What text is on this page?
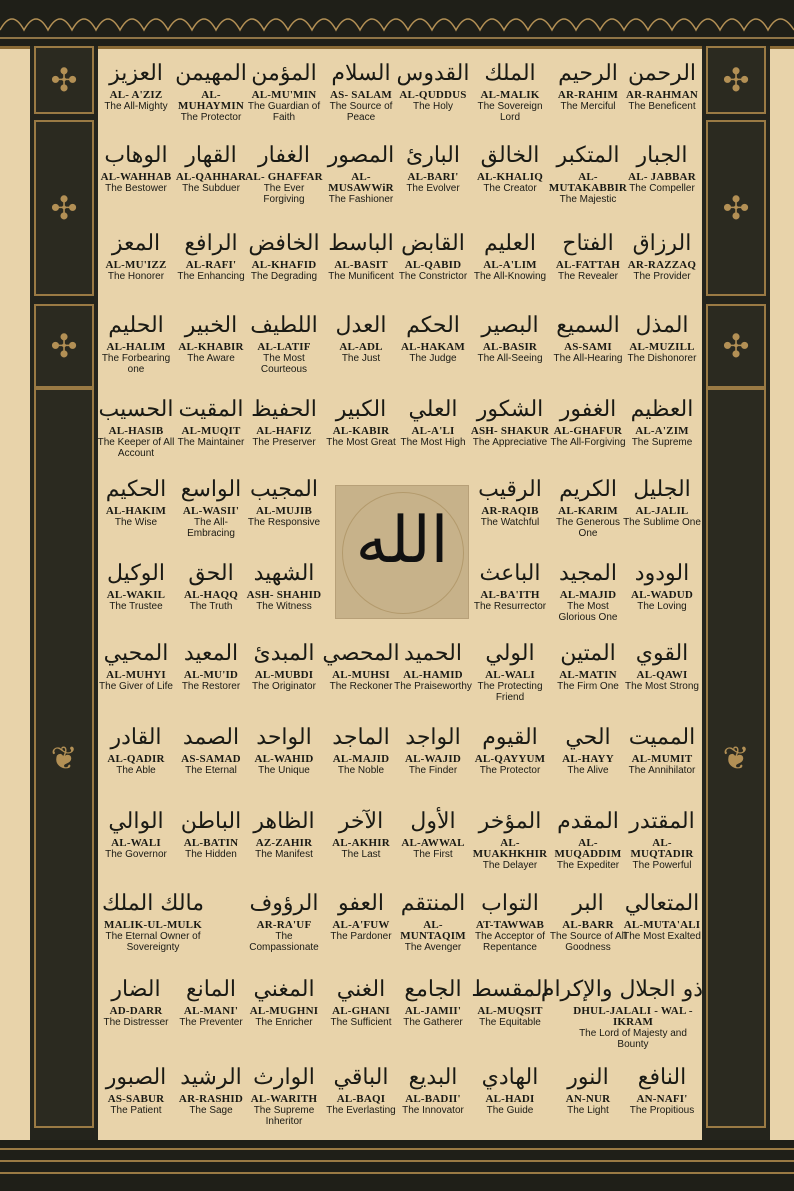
✣
✣
✣
❦
✣
✣
✣
❦
الله
العزيز
AL- A'ZIZ
The All-Mighty
المهيمن
AL- MUHAYMIN
The Protector
المؤمن
AL-MU'MIN
The Guardian of Faith
السلام
AS- SALAM
The Source of Peace
القدوس
AL-QUDDUS
The Holy
الملك
AL-MALIK
The Sovereign Lord
الرحيم
AR-RAHIM
The Merciful
الرحمن
AR-RAHMAN
The Beneficent
الوهاب
AL-WAHHAB
The Bestower
القهار
AL-QAHHAR
The Subduer
الغفار
AL- GHAFFAR
The Ever Forgiving
المصور
AL- MUSAWWiR
The Fashioner
البارئ
AL-BARI'
The Evolver
الخالق
AL-KHALIQ
The Creator
المتكبر
AL- MUTAKABBIR
The Majestic
الجبار
AL- JABBAR
The Compeller
المعز
AL-MU'IZZ
The Honorer
الرافع
AL-RAFI'
The Enhancing
الخافض
AL-KHAFID
The Degrading
الباسط
AL-BASIT
The Munificent
القابض
AL-QABID
The Constrictor
العليم
AL-A'LIM
The All-Knowing
الفتاح
AL-FATTAH
The Revealer
الرزاق
AR-RAZZAQ
The Provider
الحليم
AL-HALIM
The Forbearing one
الخبير
AL-KHABIR
The Aware
اللطيف
AL-LATIF
The Most Courteous
العدل
AL-ADL
The Just
الحكم
AL-HAKAM
The Judge
البصير
AL-BASIR
The All-Seeing
السميع
AS-SAMI
The All-Hearing
المذل
AL-MUZILL
The Dishonorer
الحسيب
AL-HASIB
The Keeper of All Account
المقيت
AL-MUQIT
The Maintainer
الحفيظ
AL-HAFIZ
The Preserver
الكبير
AL-KABIR
The Most Great
العلي
AL-A'LI
The Most High
الشكور
ASH- SHAKUR
The Appreciative
الغفور
AL-GHAFUR
The All-Forgiving
العظيم
AL-A'ZIM
The Supreme
الحكيم
AL-HAKIM
The Wise
الواسع
AL-WASII'
The All-Embracing
المجيب
AL-MUJIB
The Responsive
الرقيب
AR-RAQIB
The Watchful
الكريم
AL-KARIM
The Generous One
الجليل
AL-JALIL
The Sublime One
الوكيل
AL-WAKIL
The Trustee
الحق
AL-HAQQ
The Truth
الشهيد
ASH- SHAHID
The Witness
الباعث
AL-BA'ITH
The Resurrector
المجيد
AL-MAJID
The Most Glorious One
الودود
AL-WADUD
The Loving
المحيي
AL-MUHYI
The Giver of Life
المعيد
AL-MU'ID
The Restorer
المبدئ
AL-MUBDI
The Originator
المحصي
AL-MUHSI
The Reckoner
الحميد
AL-HAMID
The Praiseworthy
الولي
AL-WALI
The Protecting Friend
المتين
AL-MATIN
The Firm One
القوي
AL-QAWI
The Most Strong
القادر
AL-QADIR
The Able
الصمد
AS-SAMAD
The Eternal
الواحد
AL-WAHID
The Unique
الماجد
AL-MAJID
The Noble
الواجد
AL-WAJID
The Finder
القيوم
AL-QAYYUM
The Protector
الحي
AL-HAYY
The Alive
المميت
AL-MUMIT
The Annihilator
الوالي
AL-WALI
The Governor
الباطن
AL-BATIN
The Hidden
الظاهر
AZ-ZAHIR
The Manifest
الآخر
AL-AKHIR
The Last
الأول
AL-AWWAL
The First
المؤخر
AL- MUAKHKHIR
The Delayer
المقدم
AL- MUQADDIM
The Expediter
المقتدر
AL- MUQTADIR
The Powerful
مالك الملك
MALIK-UL-MULK
The Eternal Owner of Sovereignty
الرؤوف
AR-RA'UF
The Compassionate
العفو
AL-A'FUW
The Pardoner
المنتقم
AL- MUNTAQIM
The Avenger
التواب
AT-TAWWAB
The Acceptor of Repentance
البر
AL-BARR
The Source of All Goodness
المتعالي
AL-MUTA'ALI
The Most Exalted
الضار
AD-DARR
The Distresser
المانع
AL-MANI'
The Preventer
المغني
AL-MUGHNI
The Enricher
الغني
AL-GHANI
The Sufficient
الجامع
AL-JAMII'
The Gatherer
المقسط
AL-MUQSIT
The Equitable
ذو الجلال والإكرام
DHUL-JALALI - WAL - IKRAM
The Lord of Majesty and Bounty
الصبور
AS-SABUR
The Patient
الرشيد
AR-RASHID
The Sage
الوارث
AL-WARITH
The Supreme Inheritor
الباقي
AL-BAQI
The Everlasting
البديع
AL-BADII'
The Innovator
الهادي
AL-HADI
The Guide
النور
AN-NUR
The Light
النافع
AN-NAFI'
The Propitious
